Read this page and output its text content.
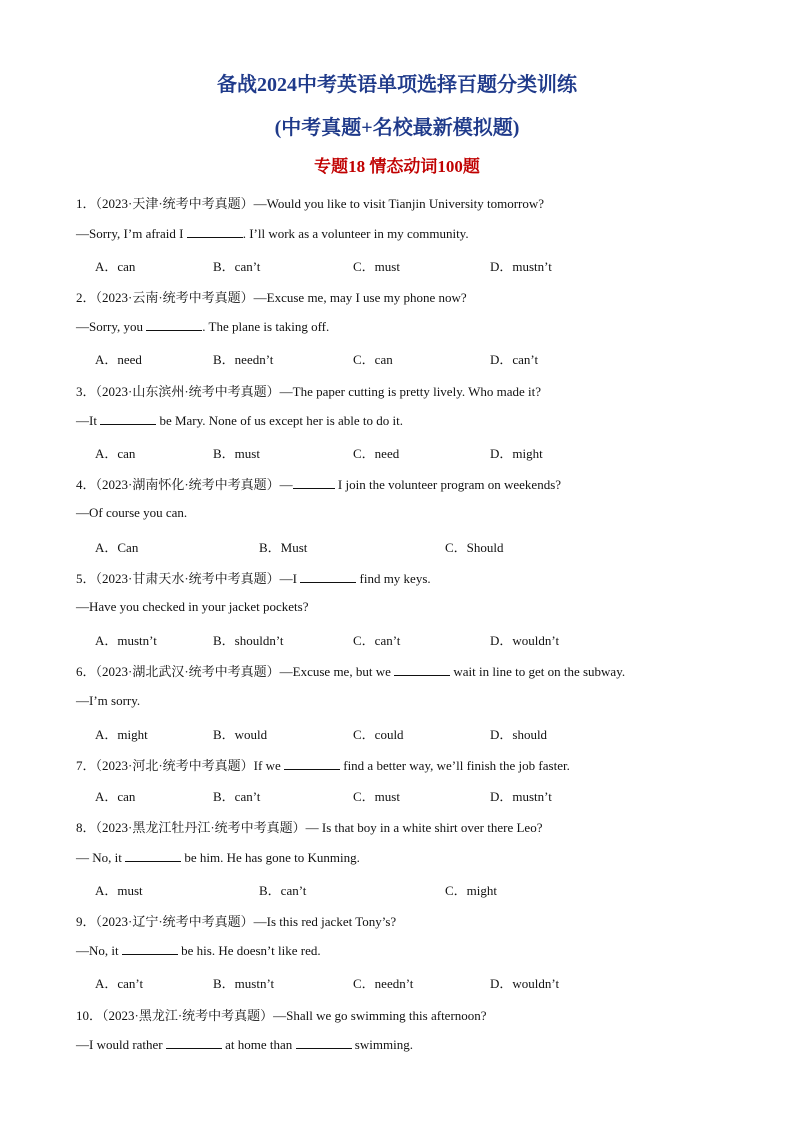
备战2024中考英语单项选择百题分类训练
(中考真题+名校最新模拟题)
专题18 情态动词100题
1．（2023·天津·统考中考真题）—Would you like to visit Tianjin University tomorrow?
—Sorry, I’m afraid I	. I’ll work as a volunteer in my community.
A．can	B．can’t	C．must	D．mustn’t
2．（2023·云南·统考中考真题）—Excuse me, may I use my phone now?
—Sorry, you	. The plane is taking off.
A．need	B．needn’t	C．can	D．can’t
3．（2023·山东滨州·统考中考真题）—The paper cutting is pretty lively. Who made it?
—It	be Mary. None of us except her is able to do it.
A．can	B．must	C．need	D．might
4．（2023·湖南怀化·统考中考真题）—	I join the volunteer program on weekends?
—Of course you can.
A．Can	B．Must	C．Should
5．（2023·甘肃天水·统考中考真题）—I	find my keys.
—Have you checked in your jacket pockets?
A．mustn’t	B．shouldn’t	C．can’t	D．wouldn’t
6．（2023·湖北武汉·统考中考真题）—Excuse me, but we	wait in line to get on the subway.
—I’m sorry.
A．might	B．would	C．could	D．should
7．（2023·河北·统考中考真题）If we	find a better way, we’ll finish the job faster.
A．can	B．can’t	C．must	D．mustn’t
8．（2023·黑龙江牡丹江·统考中考真题）— Is that boy in a white shirt over there Leo?
— No, it	be him. He has gone to Kunming.
A．must	B．can’t	C．might
9．（2023·辽宁·统考中考真题）—Is this red jacket Tony’s?
—No, it	be his. He doesn’t like red.
A．can’t	B．mustn’t	C．needn’t	D．wouldn’t
10．（2023·黑龙江·统考中考真题）—Shall we go swimming this afternoon?
—I would rather	at home than	swimming.
